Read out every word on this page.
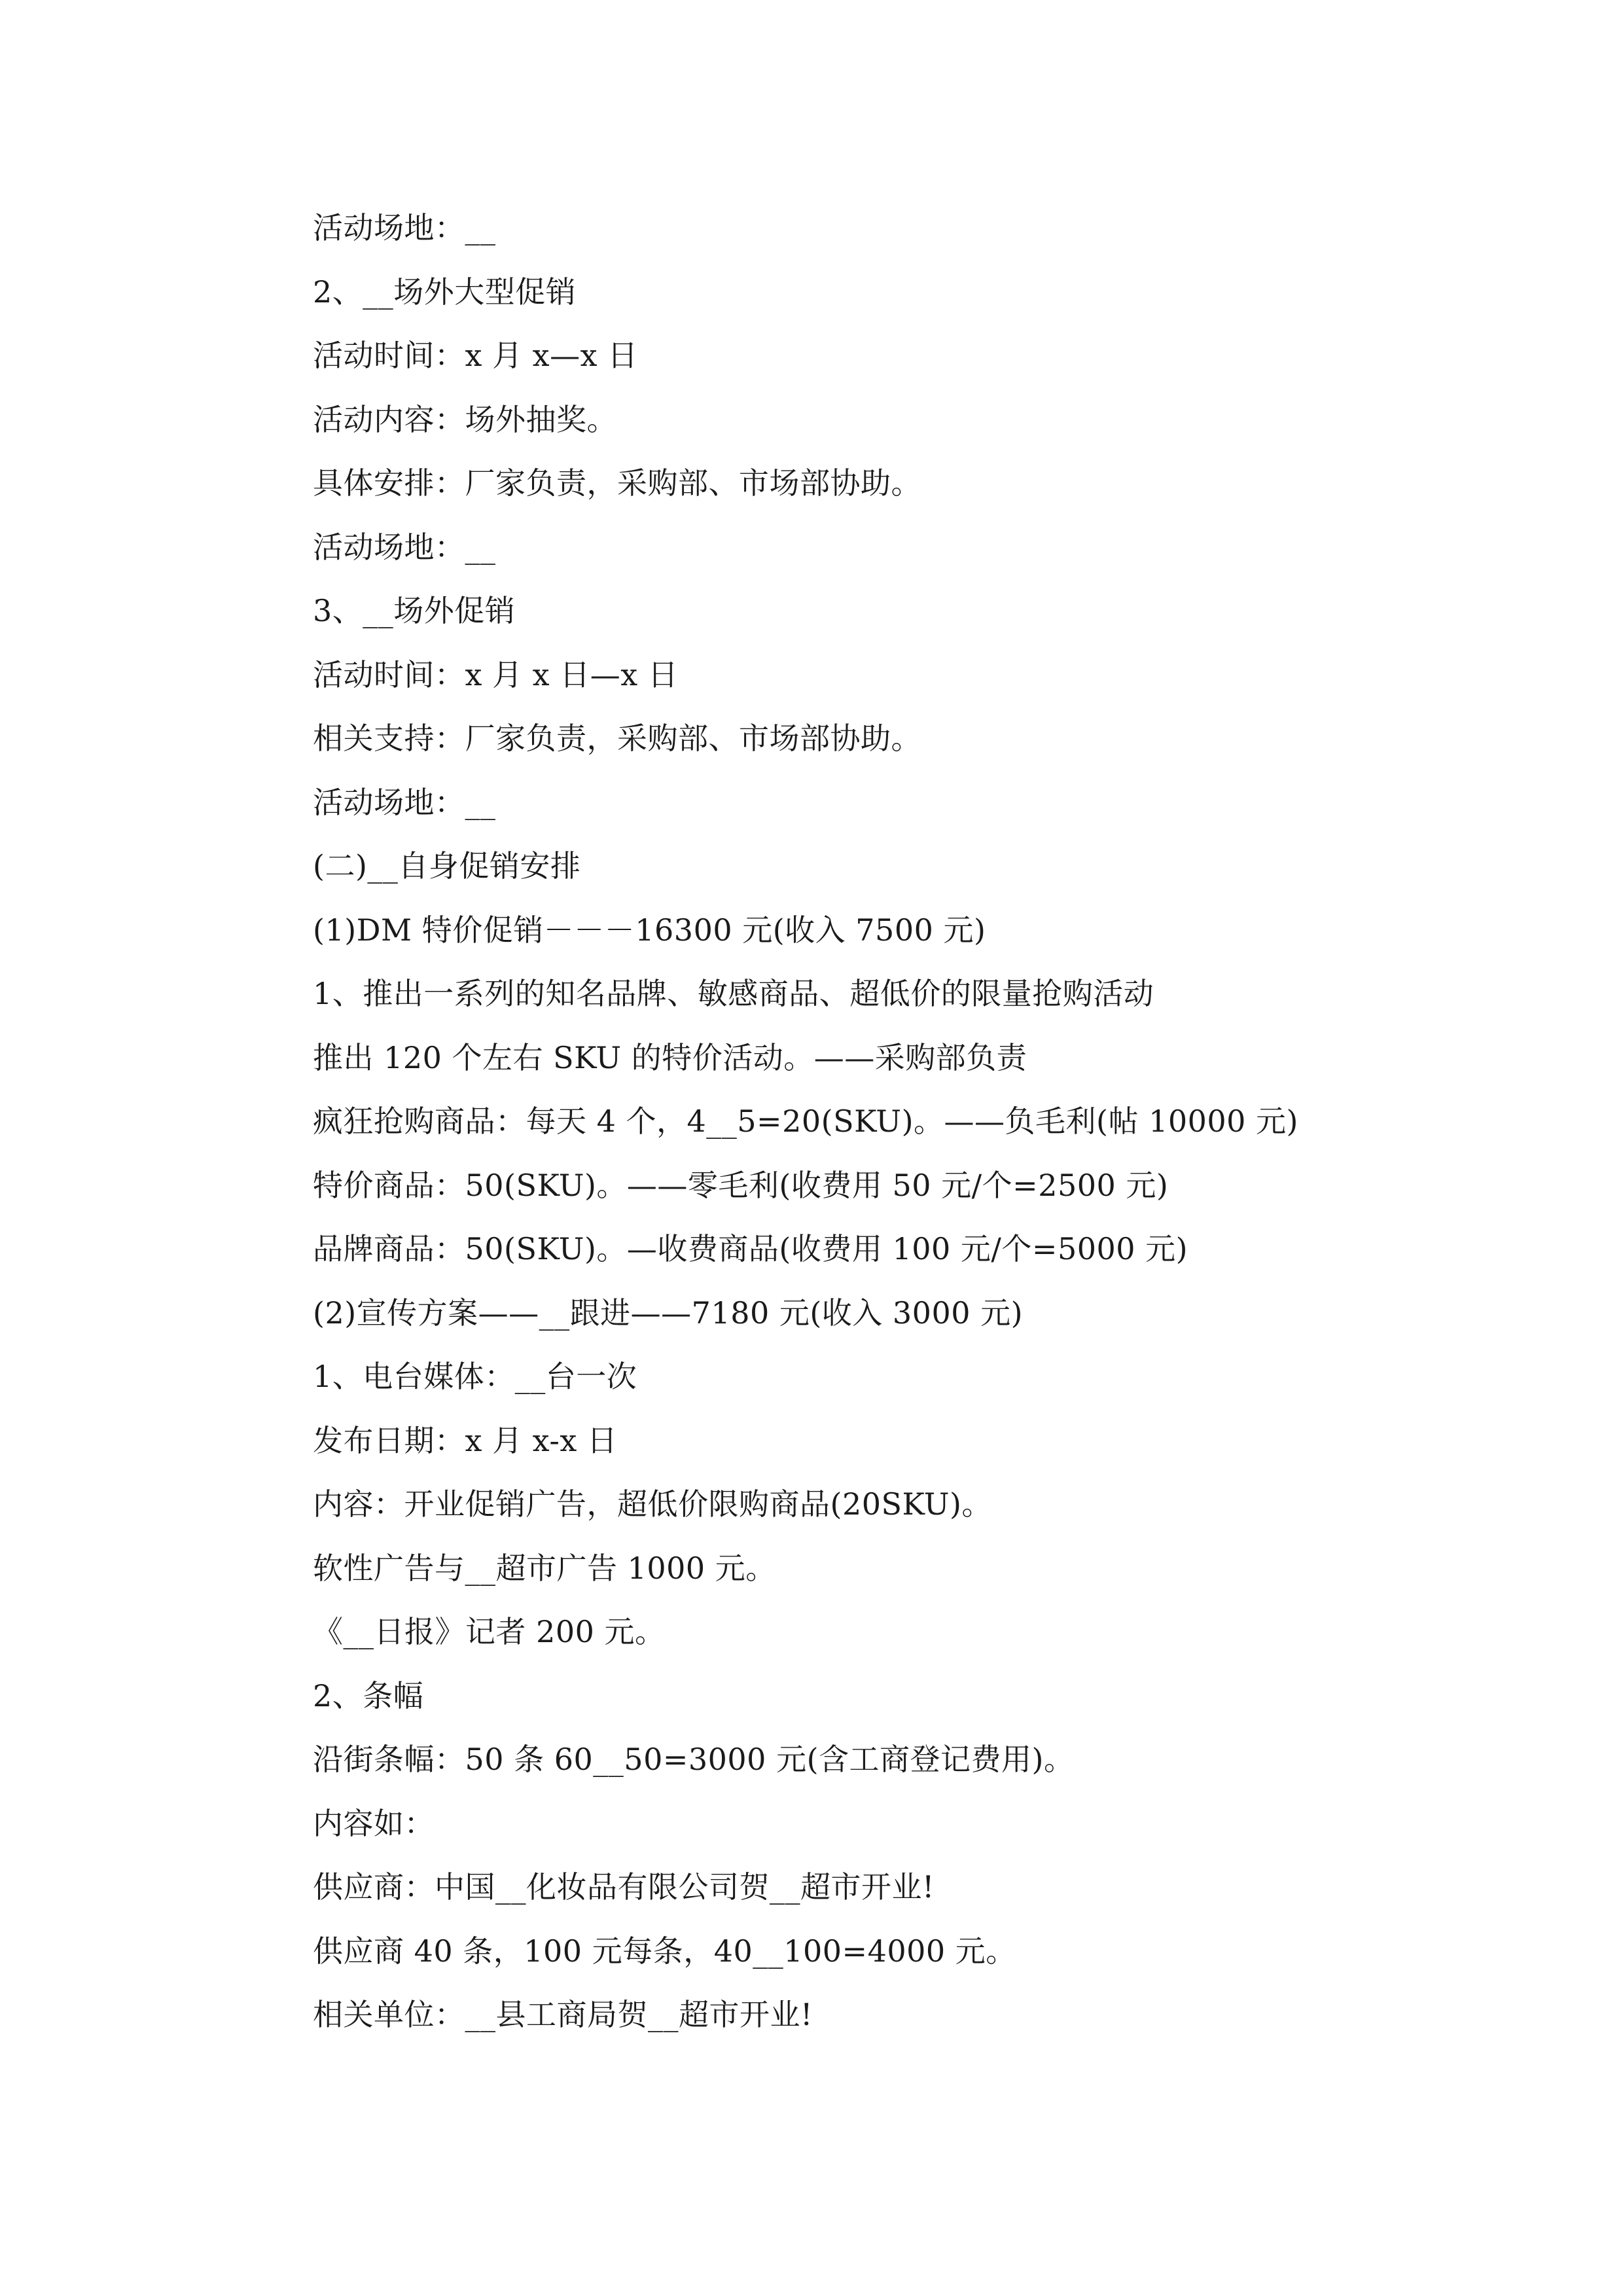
活动场地：__
2、__场外大型促销
活动时间：x 月 x—x 日
活动内容：场外抽奖。
具体安排：厂家负责，采购部、市场部协助。
活动场地：__
3、__场外促销
活动时间：x 月 x 日—x 日
相关支持：厂家负责，采购部、市场部协助。
活动场地：__
(二)__自身促销安排
(1)DM 特价促销－－－16300 元(收入 7500 元)
1、推出一系列的知名品牌、敏感商品、超低价的限量抢购活动
推出 120 个左右 SKU 的特价活动。——采购部负责
疯狂抢购商品：每天 4 个，4__5=20(SKU)。——负毛利(帖 10000 元)
特价商品：50(SKU)。——零毛利(收费用 50 元/个=2500 元)
品牌商品：50(SKU)。—收费商品(收费用 100 元/个=5000 元)
(2)宣传方案——__跟进——7180 元(收入 3000 元)
1、电台媒体：__台一次
发布日期：x 月 x-x 日
内容：开业促销广告，超低价限购商品(20SKU)。
软性广告与__超市广告 1000 元。
《__日报》记者 200 元。
2、条幅
沿街条幅：50 条 60__50=3000 元(含工商登记费用)。
内容如：
供应商：中国__化妆品有限公司贺__超市开业!
供应商 40 条，100 元每条，40__100=4000 元。
相关单位：__县工商局贺__超市开业!
